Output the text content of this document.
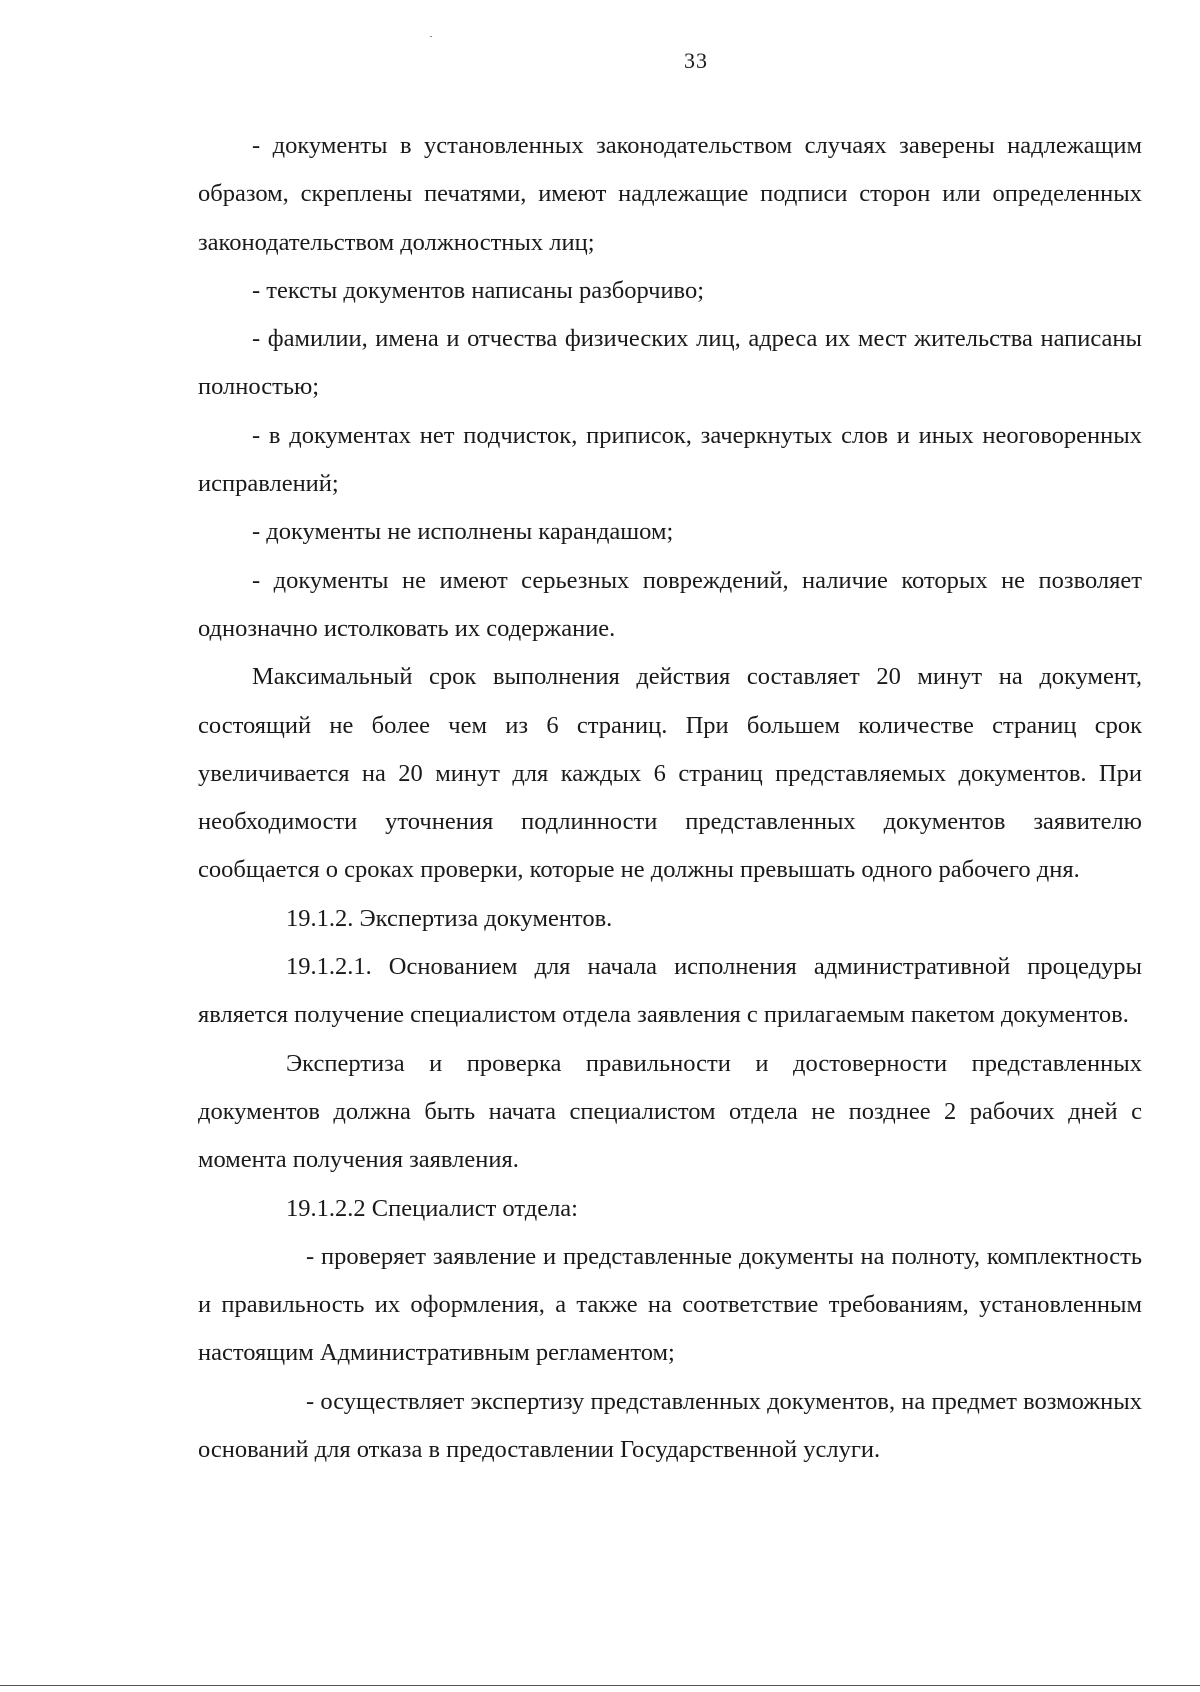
33

- документы в установленных законодательством случаях заверены надлежащим образом, скреплены печатями, имеют надлежащие подписи сторон или определенных законодательством должностных лиц;

- тексты документов написаны разборчиво;

- фамилии, имена и отчества физических лиц, адреса их мест жительства написаны полностью;

- в документах нет подчисток, приписок, зачеркнутых слов и иных неоговоренных исправлений;

- документы не исполнены карандашом;

- документы не имеют серьезных повреждений, наличие которых не позволяет однозначно истолковать их содержание.

Максимальный срок выполнения действия составляет 20 минут на документ, состоящий не более чем из 6 страниц. При большем количестве страниц срок увеличивается на 20 минут для каждых 6 страниц представляемых документов. При необходимости уточнения подлинности представленных документов заявителю сообщается о сроках проверки, которые не должны превышать одного рабочего дня.

19.1.2. Экспертиза документов.

19.1.2.1. Основанием для начала исполнения административной процедуры является получение специалистом отдела заявления с прилагаемым пакетом документов.

Экспертиза и проверка правильности и достоверности представленных документов должна быть начата специалистом отдела не позднее 2 рабочих дней с момента получения заявления.

19.1.2.2 Специалист отдела:

- проверяет заявление и представленные документы на полноту, комплектность и правильность их оформления, а также на соответствие требованиям, установленным настоящим Административным регламентом;

- осуществляет экспертизу представленных документов, на предмет возможных оснований для отказа в предоставлении Государственной услуги.
